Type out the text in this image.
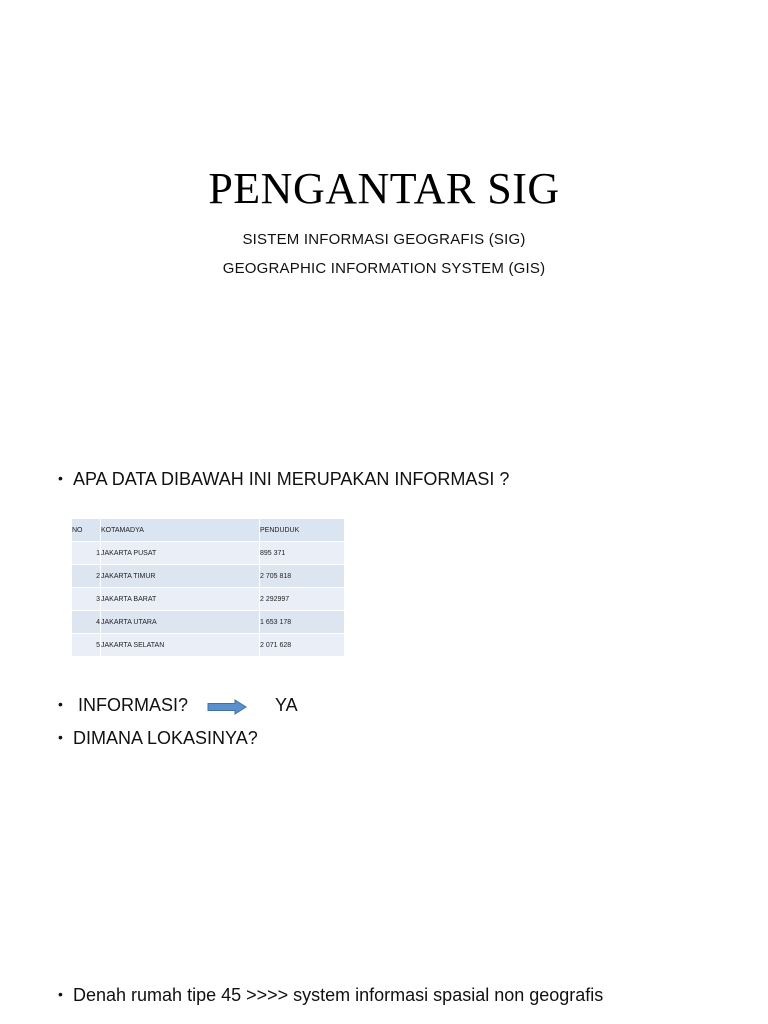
PENGANTAR SIG
SISTEM INFORMASI GEOGRAFIS (SIG)
GEOGRAPHIC INFORMATION SYSTEM (GIS)
• APA DATA DIBAWAH INI MERUPAKAN INFORMASI ?
NO	KOTAMADYA	PENDUDUK
1	JAKARTA PUSAT	895 371
2	JAKARTA TIMUR	2 705 818
3	JAKARTA BARAT	2 292997
4	JAKARTA UTARA	1 653 178
5	JAKARTA SELATAN	2 071 628
• INFORMASI?	YA
• DIMANA LOKASINYA?
• Denah rumah tipe 45 >>>> system informasi spasial non geografis
